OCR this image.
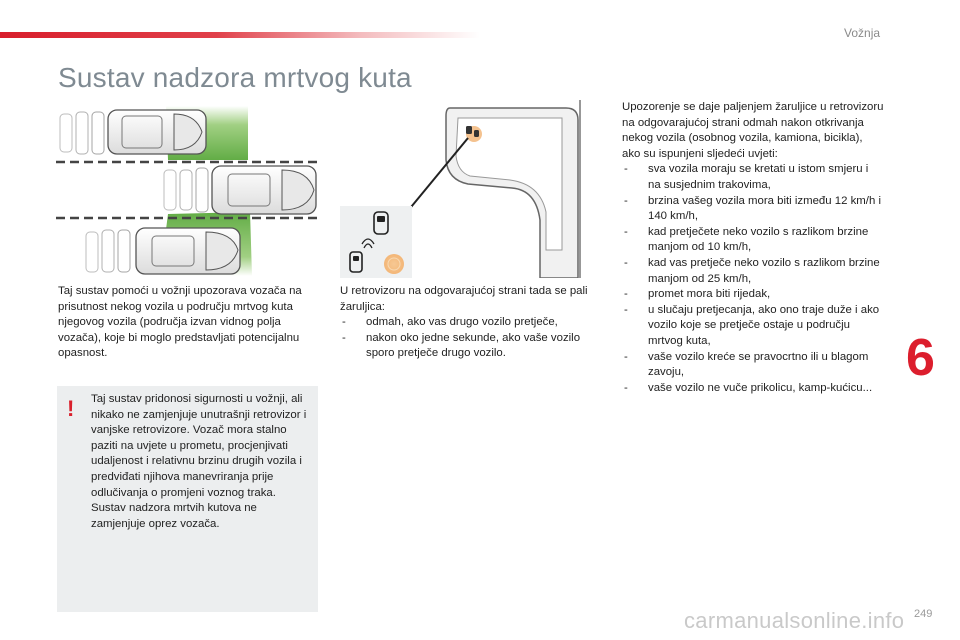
Vožnja
Sustav nadzora mrtvog kuta

Taj sustav pomoći u vožnji upozorava vozača na prisutnost nekog vozila u području mrtvog kuta njegovog vozila (područja izvan vidnog polja vozača), koje bi moglo predstavljati potencijalnu opasnost.

! Taj sustav pridonosi sigurnosti u vožnji, ali nikako ne zamjenjuje unutrašnji retrovizor i vanjske retrovizore. Vozač mora stalno paziti na uvjete u prometu, procjenjivati udaljenost i relativnu brzinu drugih vozila i predviđati njihova manevriranja prije odlučivanja o promjeni voznog traka.

Sustav nadzora mrtvih kutova ne zamjenjuje oprez vozača.

U retrovizoru na odgovarajućoj strani tada se pali žaruljica:

- odmah, ako vas drugo vozilo pretječe,
- nakon oko jedne sekunde, ako vaše vozilo sporo pretječe drugo vozilo.

Upozorenje se daje paljenjem žaruljice u retrovizoru na odgovarajućoj strani odmah nakon otkrivanja nekog vozila (osobnog vozila, kamiona, bicikla), ako su ispunjeni sljedeći uvjeti:

- sva vozila moraju se kretati u istom smjeru i na susjednim trakovima,
- brzina vašeg vozila mora biti između 12 km/h i 140 km/h,
- kad pretječete neko vozilo s razlikom brzine manjom od 10 km/h,
- kad vas pretječe neko vozilo s razlikom brzine manjom od 25 km/h,
- promet mora biti rijedak,
- u slučaju pretjecanja, ako ono traje duže i ako vozilo koje se pretječe ostaje u području mrtvog kuta,
- vaše vozilo kreće se pravocrtno ili u blagom zavoju,
- vaše vozilo ne vuče prikolicu, kamp-kućicu...
6
carmanualsonline.info 249
